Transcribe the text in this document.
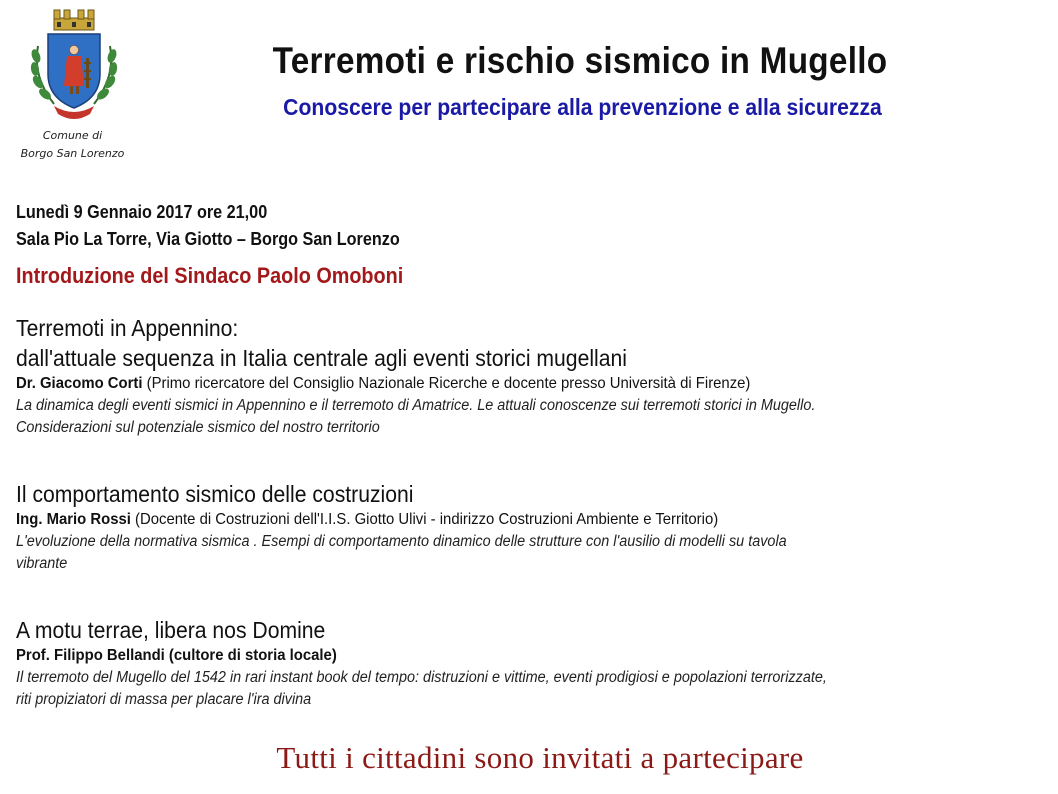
Comune di
Borgo San Lorenzo
Terremoti e rischio sismico in Mugello
Conoscere per partecipare alla prevenzione e alla sicurezza
Lunedì 9 Gennaio 2017 ore 21,00
Sala Pio La Torre, Via Giotto – Borgo San Lorenzo
Introduzione del Sindaco Paolo Omoboni
Terremoti in Appennino:
dall'attuale sequenza in Italia centrale agli eventi storici mugellani
Dr. Giacomo Corti (Primo ricercatore del Consiglio Nazionale Ricerche e docente presso Università di Firenze)
La dinamica degli eventi sismici in Appennino e il terremoto di Amatrice. Le attuali conoscenze sui terremoti storici in Mugello.
Considerazioni sul potenziale sismico del nostro territorio
Il comportamento sismico delle costruzioni
Ing. Mario Rossi (Docente di Costruzioni dell'I.I.S. Giotto Ulivi - indirizzo Costruzioni Ambiente e Territorio)
L'evoluzione della normativa sismica . Esempi di comportamento dinamico delle strutture con l'ausilio di modelli su tavola
vibrante
A motu terrae, libera nos Domine
Prof. Filippo Bellandi (cultore di storia locale)
Il terremoto del Mugello del 1542 in rari instant book del tempo: distruzioni e vittime, eventi prodigiosi e popolazioni terrorizzate,
riti propiziatori di massa per placare l'ira divina
Tutti i cittadini sono invitati a partecipare
